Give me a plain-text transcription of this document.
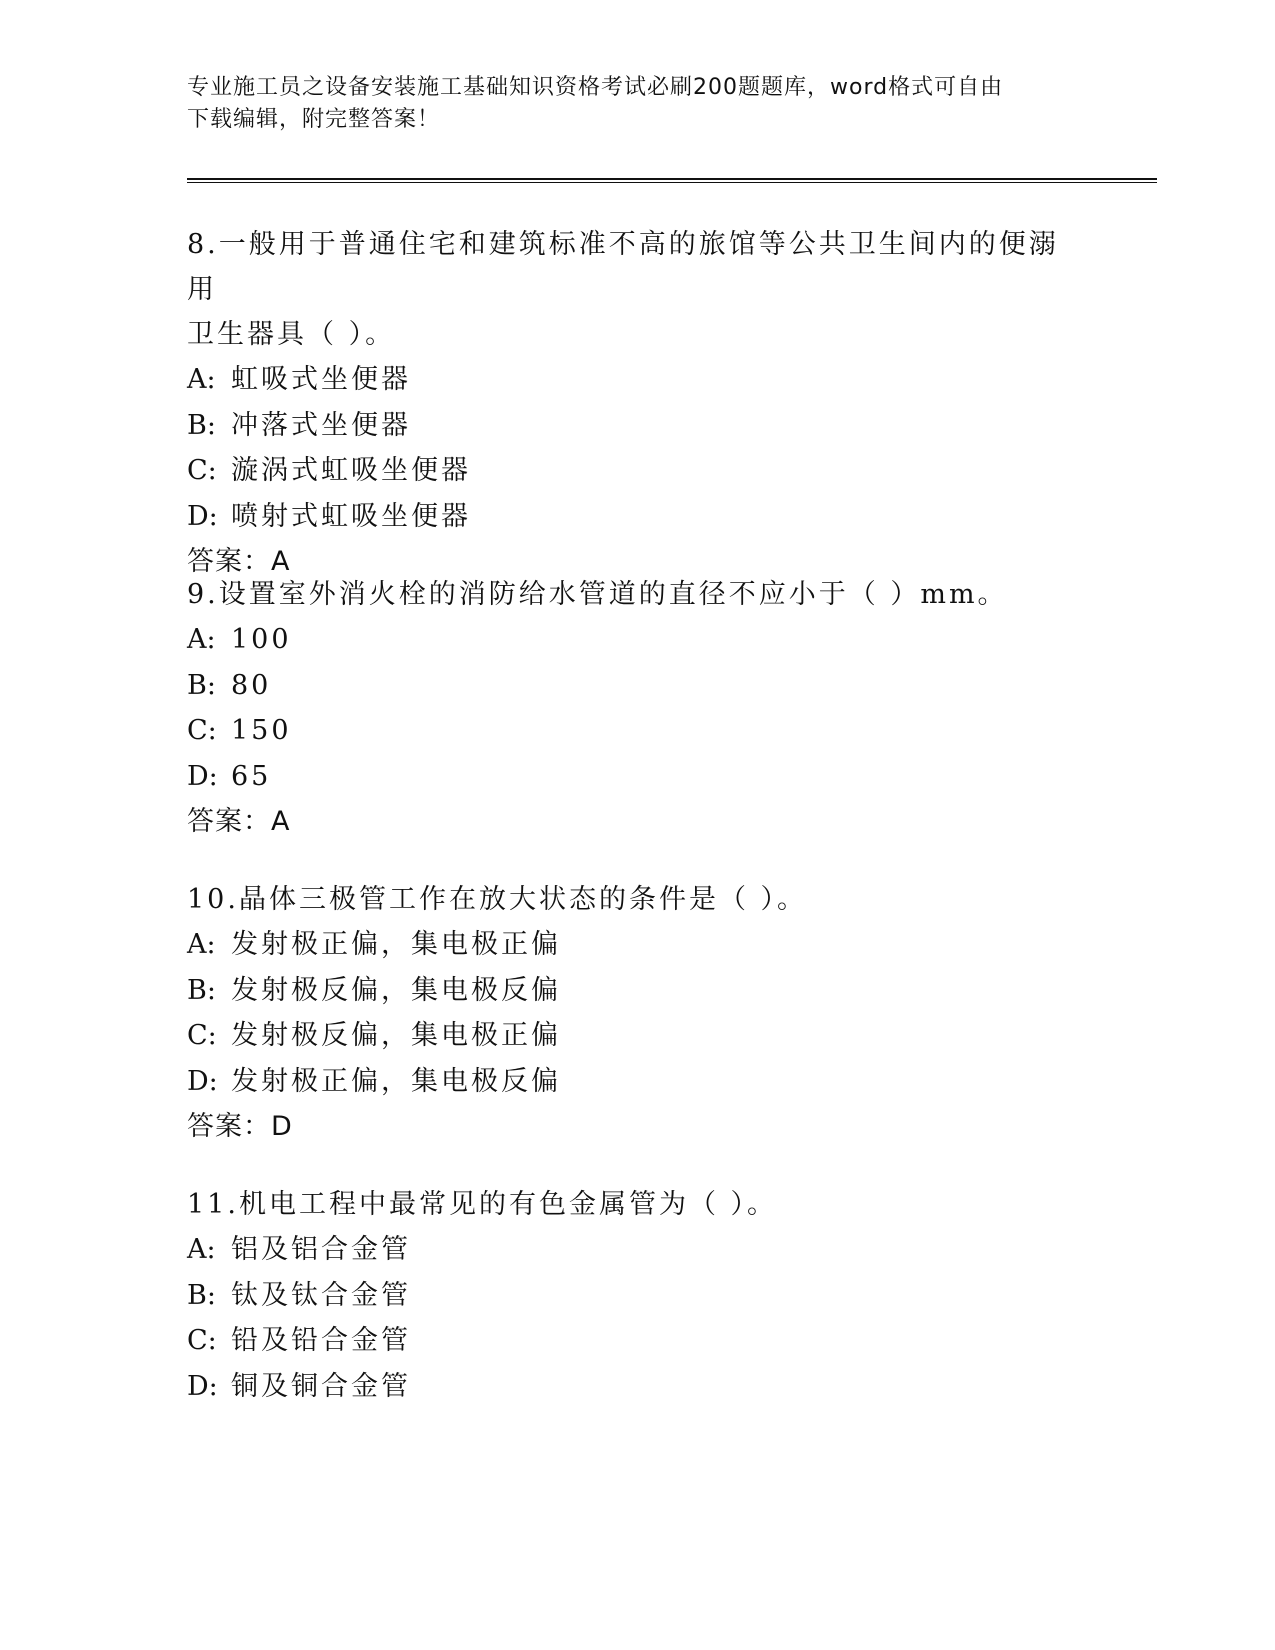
专业施工员之设备安装施工基础知识资格考试必刷200题题库，word格式可自由
下载编辑，附完整答案！
8.一般用于普通住宅和建筑标准不高的旅馆等公共卫生间内的便溺用
卫生器具（ ）。
A: 虹吸式坐便器
B: 冲落式坐便器
C: 漩涡式虹吸坐便器
D: 喷射式虹吸坐便器
答案：A
9.设置室外消火栓的消防给水管道的直径不应小于（ ）mm。
A: 100
B: 80
C: 150
D: 65
答案：A
10.晶体三极管工作在放大状态的条件是（ ）。
A: 发射极正偏，集电极正偏
B: 发射极反偏，集电极反偏
C: 发射极反偏，集电极正偏
D: 发射极正偏，集电极反偏
答案：D
11.机电工程中最常见的有色金属管为（ ）。
A: 铝及铝合金管
B: 钛及钛合金管
C: 铅及铅合金管
D: 铜及铜合金管
